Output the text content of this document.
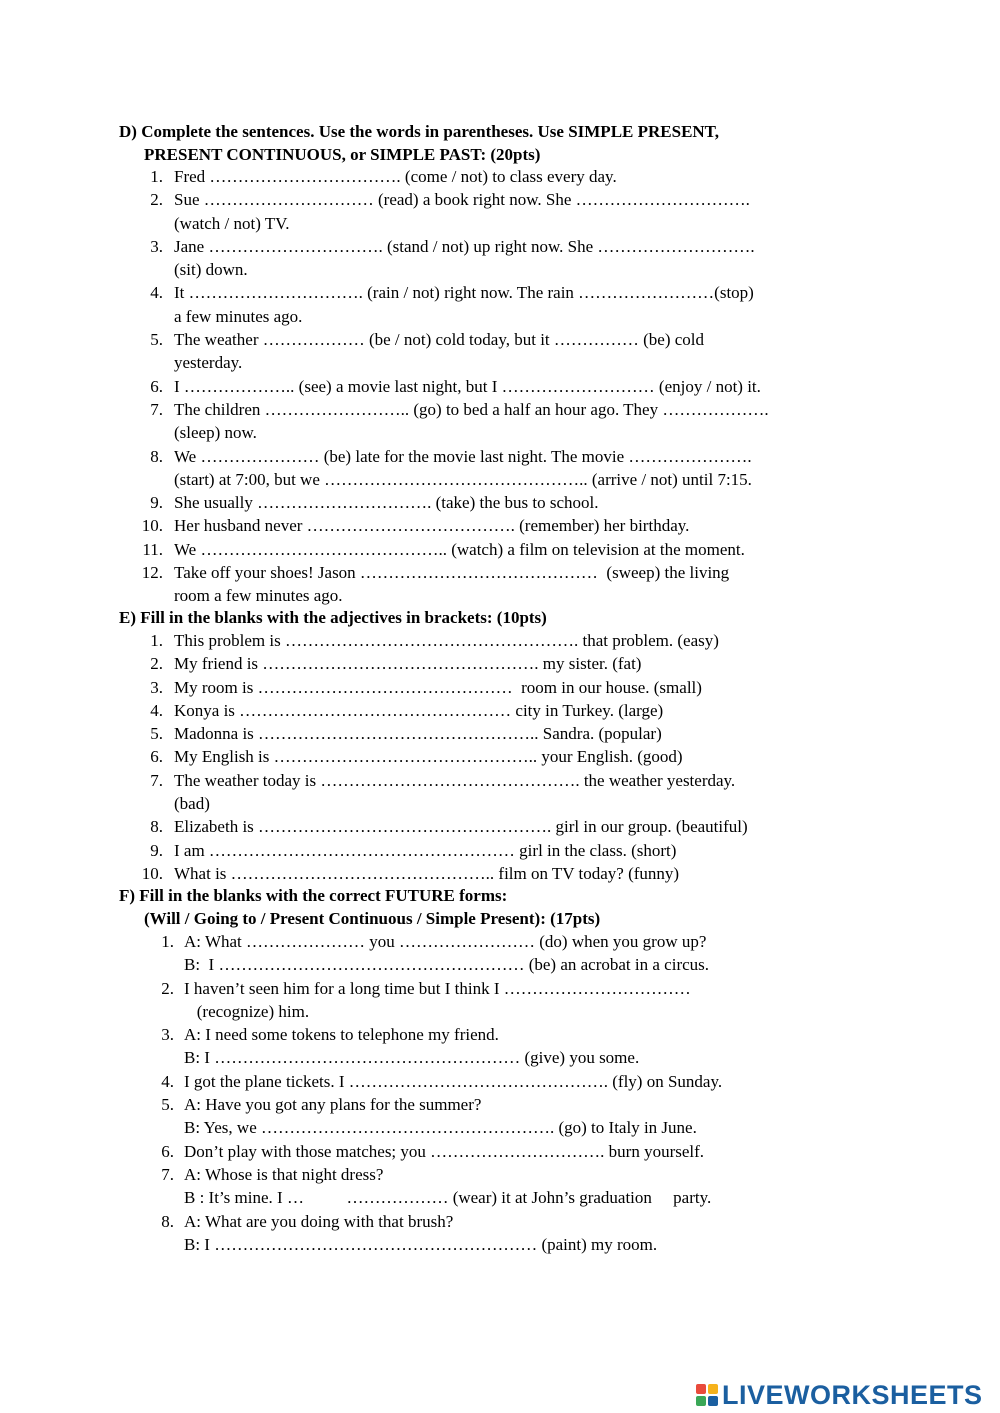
D) Complete the sentences. Use the words in parentheses. Use SIMPLE PRESENT,
PRESENT CONTINUOUS, or SIMPLE PAST: (20pts)
1. Fred ……………………………. (come / not) to class every day.
2. Sue ………………………… (read) a book right now. She ………………………….
(watch / not) TV.
3. Jane …………………………. (stand / not) up right now. She ……………………….
(sit) down.
4. It …………………………. (rain / not) right now. The rain ……………………(stop)
a few minutes ago.
5. The weather ……………… (be / not) cold today, but it …………… (be) cold
yesterday.
6. I ……………….. (see) a movie last night, but I ……………………… (enjoy / not) it.
7. The children …………………….. (go) to bed a half an hour ago. They ……………….
(sleep) now.
8. We ………………… (be) late for the movie last night. The movie ………………….
(start) at 7:00, but we ……………………………………….. (arrive / not) until 7:15.
9. She usually …………………………. (take) the bus to school.
10. Her husband never ………………………………. (remember) her birthday.
11. We …………………………………….. (watch) a film on television at the moment.
12. Take off your shoes! Jason ……………………………………  (sweep) the living
room a few minutes ago.
E) Fill in the blanks with the adjectives in brackets: (10pts)
1. This problem is ……………………………………………. that problem. (easy)
2. My friend is …………………………………………. my sister. (fat)
3. My room is ………………………………………  room in our house. (small)
4. Konya is ………………………………………… city in Turkey. (large)
5. Madonna is ………………………………………….. Sandra. (popular)
6. My English is ……………………………………….. your English. (good)
7. The weather today is ………………………………………. the weather yesterday.
(bad)
8. Elizabeth is ……………………………………………. girl in our group. (beautiful)
9. I am ……………………………………………… girl in the class. (short)
10. What is ……………………………………….. film on TV today? (funny)
F) Fill in the blanks with the correct FUTURE forms:
(Will / Going to / Present Continuous / Simple Present): (17pts)
1. A: What ………………… you …………………… (do) when you grow up?
B:  I ……………………………………………… (be) an acrobat in a circus.
2. I haven’t seen him for a long time but I think I ……………………………
(recognize) him.
3. A: I need some tokens to telephone my friend.
B: I ……………………………………………… (give) you some.
4. I got the plane tickets. I ………………………………………. (fly) on Sunday.
5. A: Have you got any plans for the summer?
B: Yes, we ……………………………………………. (go) to Italy in June.
6. Don’t play with those matches; you …………………………. burn yourself.
7. A: Whose is that night dress?
B : It’s mine. I …          ……………… (wear) it at John’s graduation     party.
8. A: What are you doing with that brush?
B: I ………………………………………………… (paint) my room.
LIVEWORKSHEETS
